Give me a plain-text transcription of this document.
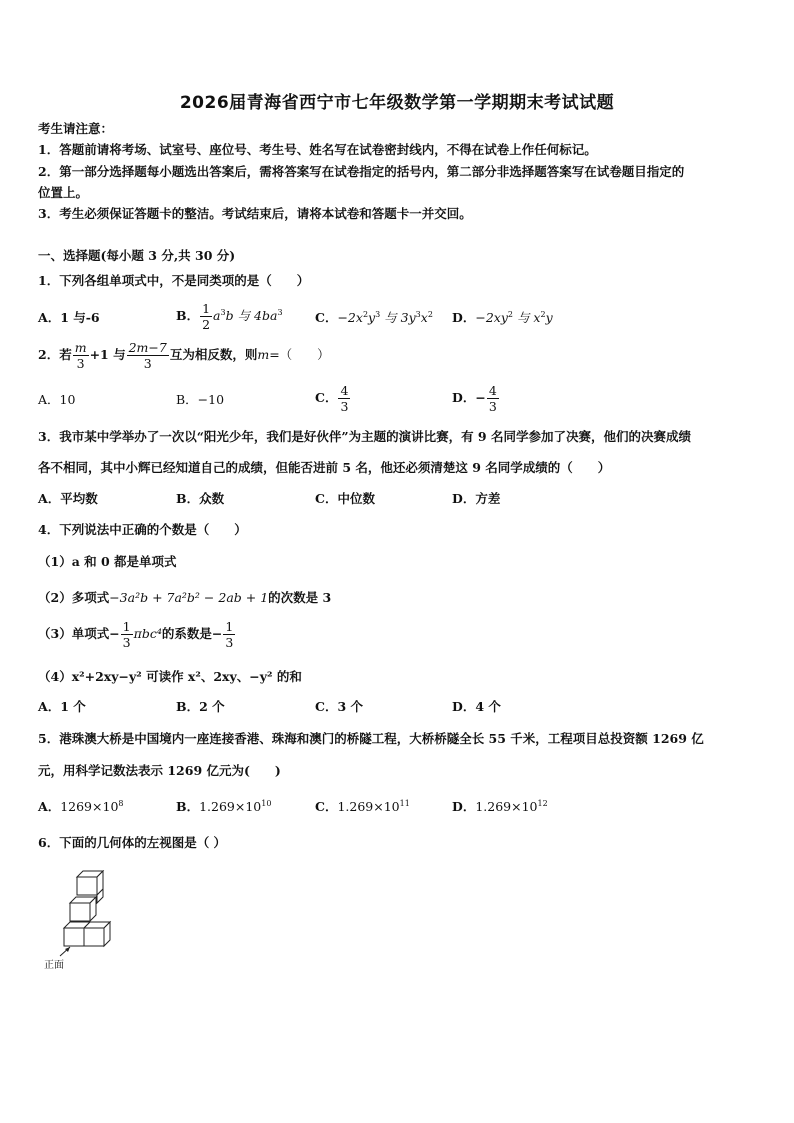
2026届青海省西宁市七年级数学第一学期期末考试试题
考生请注意：
1．答题前请将考场、试室号、座位号、考生号、姓名写在试卷密封线内，不得在试卷上作任何标记。
2．第一部分选择题每小题选出答案后，需将答案写在试卷指定的括号内，第二部分非选择题答案写在试卷题目指定的
位置上。
3．考生必须保证答题卡的整洁。考试结束后，请将本试卷和答题卡一并交回。
一、选择题(每小题 3 分,共 30 分)
1．下列各组单项式中，不是同类项的是（　　）
A．1 与-6	B． $\frac{1}{2} a^3b$ 与 $4ba^3$	C．$-2x^2y^3$ 与 $3y^3x^2$ D．$-2xy^2$ 与 $x^2y$
2．若 $\frac{m}{3} +1$ 与 $\frac{2m-7}{3}$ 互为相反数，则m=（　　）
A．10	B．−10	C． $\frac{4}{3}$	D．− $\frac{4}{3}$
3．我市某中学举办了一次以“阳光少年，我们是好伙伴”为主题的演讲比赛，有 9 名同学参加了决赛，他们的决赛成绩
各不相同，其中小辉已经知道自己的成绩，但能否进前 5 名，他还必须清楚这 9 名同学成绩的（　　）
A．平均数	B．众数	C．中位数	D．方差
4．下列说法中正确的个数是（　　）
（1）a 和 0 都是单项式
（2）多项式−3a²b + 7a²b² − 2ab + 1的次数是 3
（3）单项式− $\frac{1}{3} \pi bc^4$的系数是− $\frac{1}{3}$
（4）x²+2xy−y² 可读作 x²、2xy、−y² 的和
A．1 个	B．2 个	C．3 个	D．4 个
5．港珠澳大桥是中国境内一座连接香港、珠海和澳门的桥隧工程，大桥桥隧全长 55 千米，工程项目总投资额 1269 亿
元，用科学记数法表示 1269 亿元为(　　)
A．$1269\times 10^8$	B．$1.269\times 10^{10}$	C．$1.269\times 10^{11}$	D．$1.269\times 10^{12}$
6．下面的几何体的左视图是（ ）
正面
